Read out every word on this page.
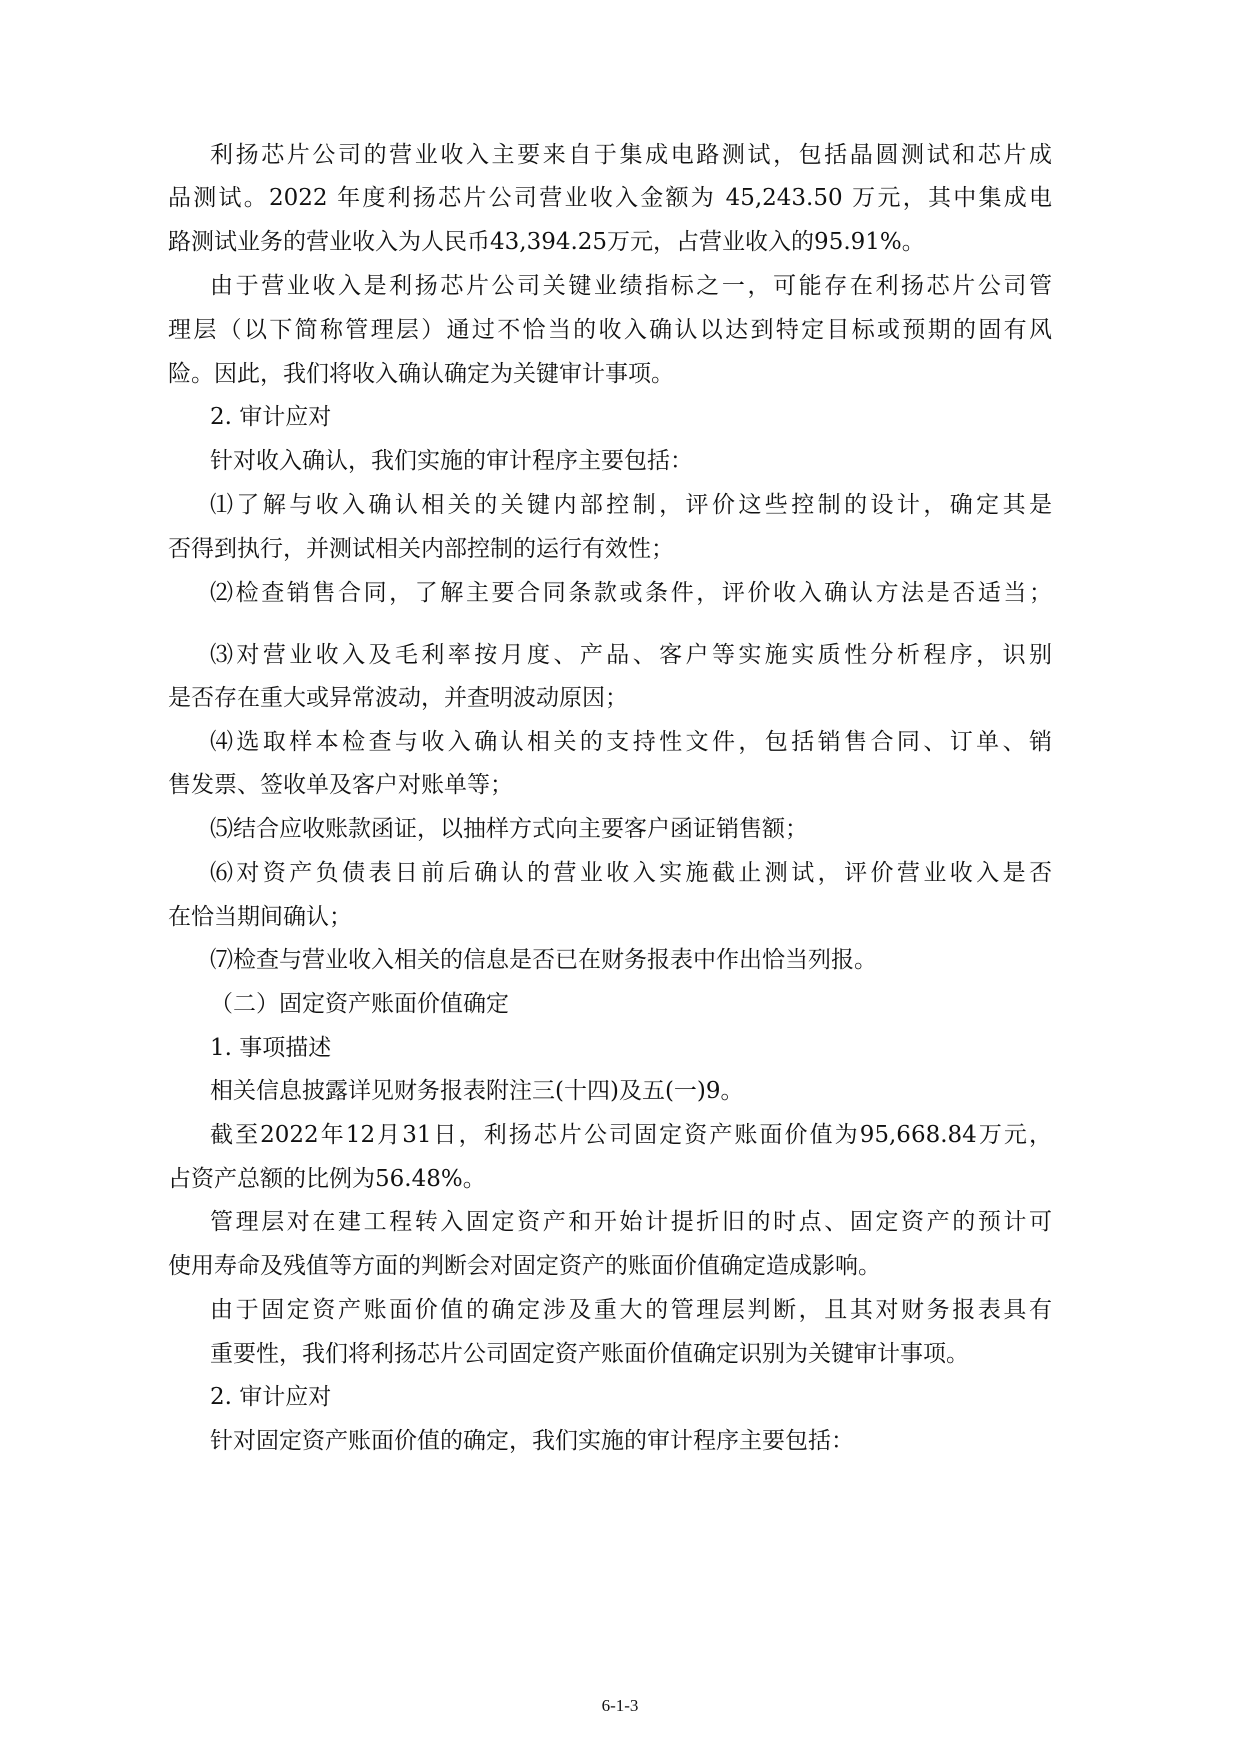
利扬芯片公司的营业收入主要来自于集成电路测试，包括晶圆测试和芯片成
品测试。2022 年度利扬芯片公司营业收入金额为 45,243.50 万元，其中集成电
路测试业务的营业收入为人民币43,394.25万元，占营业收入的95.91%。
由于营业收入是利扬芯片公司关键业绩指标之一，可能存在利扬芯片公司管
理层（以下简称管理层）通过不恰当的收入确认以达到特定目标或预期的固有风
险。因此，我们将收入确认确定为关键审计事项。
2. 审计应对
针对收入确认，我们实施的审计程序主要包括：
⑴了解与收入确认相关的关键内部控制，评价这些控制的设计，确定其是
否得到执行，并测试相关内部控制的运行有效性；
⑵检查销售合同，了解主要合同条款或条件，评价收入确认方法是否适当；
⑶对营业收入及毛利率按月度、产品、客户等实施实质性分析程序，识别
是否存在重大或异常波动，并查明波动原因；
⑷选取样本检查与收入确认相关的支持性文件，包括销售合同、订单、销
售发票、签收单及客户对账单等；
⑸结合应收账款函证，以抽样方式向主要客户函证销售额；
⑹对资产负债表日前后确认的营业收入实施截止测试，评价营业收入是否
在恰当期间确认；
⑺检查与营业收入相关的信息是否已在财务报表中作出恰当列报。
（二）固定资产账面价值确定
1. 事项描述
相关信息披露详见财务报表附注三(十四)及五(一)9。
截至2022年12月31日，利扬芯片公司固定资产账面价值为95,668.84万元，
占资产总额的比例为56.48%。
管理层对在建工程转入固定资产和开始计提折旧的时点、固定资产的预计可
使用寿命及残值等方面的判断会对固定资产的账面价值确定造成影响。
由于固定资产账面价值的确定涉及重大的管理层判断，且其对财务报表具有
重要性，我们将利扬芯片公司固定资产账面价值确定识别为关键审计事项。
2. 审计应对
针对固定资产账面价值的确定，我们实施的审计程序主要包括：
6-1-3
